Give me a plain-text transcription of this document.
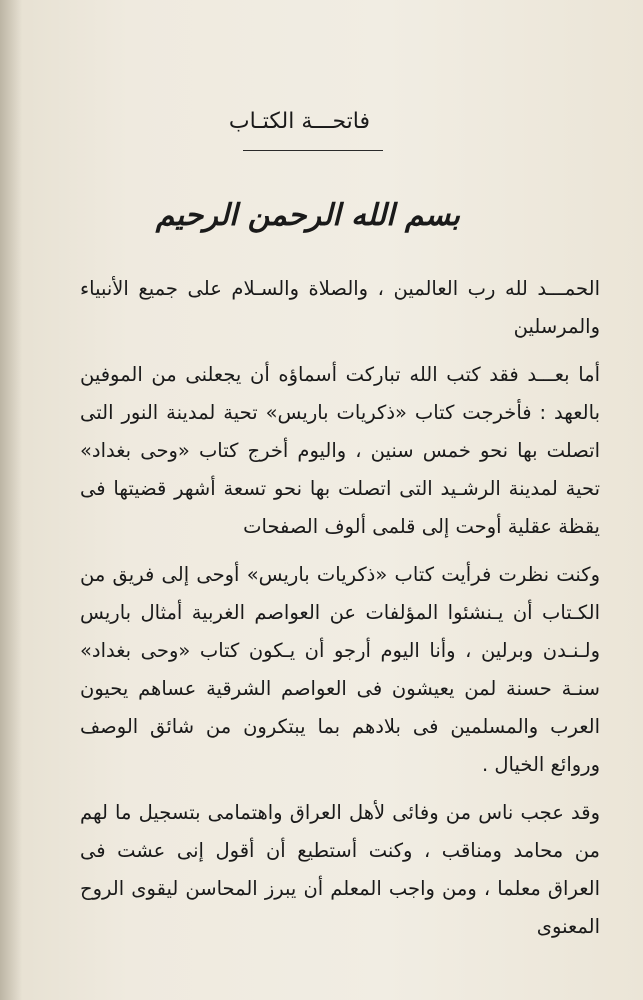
فاتحـــة الكتـاب
بسم الله الرحمن الرحيم

الحمـــد لله رب العالمين ، والصلاة والسـلام على جميع الأنبياء والمرسلين

أما بعـــد فقد كتب الله تباركت أسماؤه أن يجعلنى من الموفين بالعهد : فأخرجت كتاب «ذكريات باريس» تحية لمدينة النور التى اتصلت بها نحو خمس سنين ، واليوم أخرج كتاب «وحى بغداد» تحية لمدينة الرشـيد التى اتصلت بها نحو تسعة أشهر قضيتها فى يقظة عقلية أوحت إلى قلمى ألوف الصفحات

وكنت نظرت فرأيت كتاب «ذكريات باريس» أوحى إلى فريق من الكـتاب أن يـنشئوا المؤلفات عن العواصم الغربية أمثال باريس ولـنـدن وبرلين ، وأنا اليوم أرجو أن يـكون كتاب «وحى بغداد» سنـة حسنة لمن يعيشون فى العواصم الشرقية عساهم يحيون العرب والمسلمين فى بلادهم بما يبتكرون من شائق الوصف وروائع الخيال .

وقد عجب ناس من وفائى لأهل العراق واهتمامى بتسجيل ما لهم من محامد ومناقب ، وكنت أستطيع أن أقول إنى عشت فى العراق معلما ، ومن واجب المعلم أن يبرز المحاسن ليقوى الروح المعنوى
